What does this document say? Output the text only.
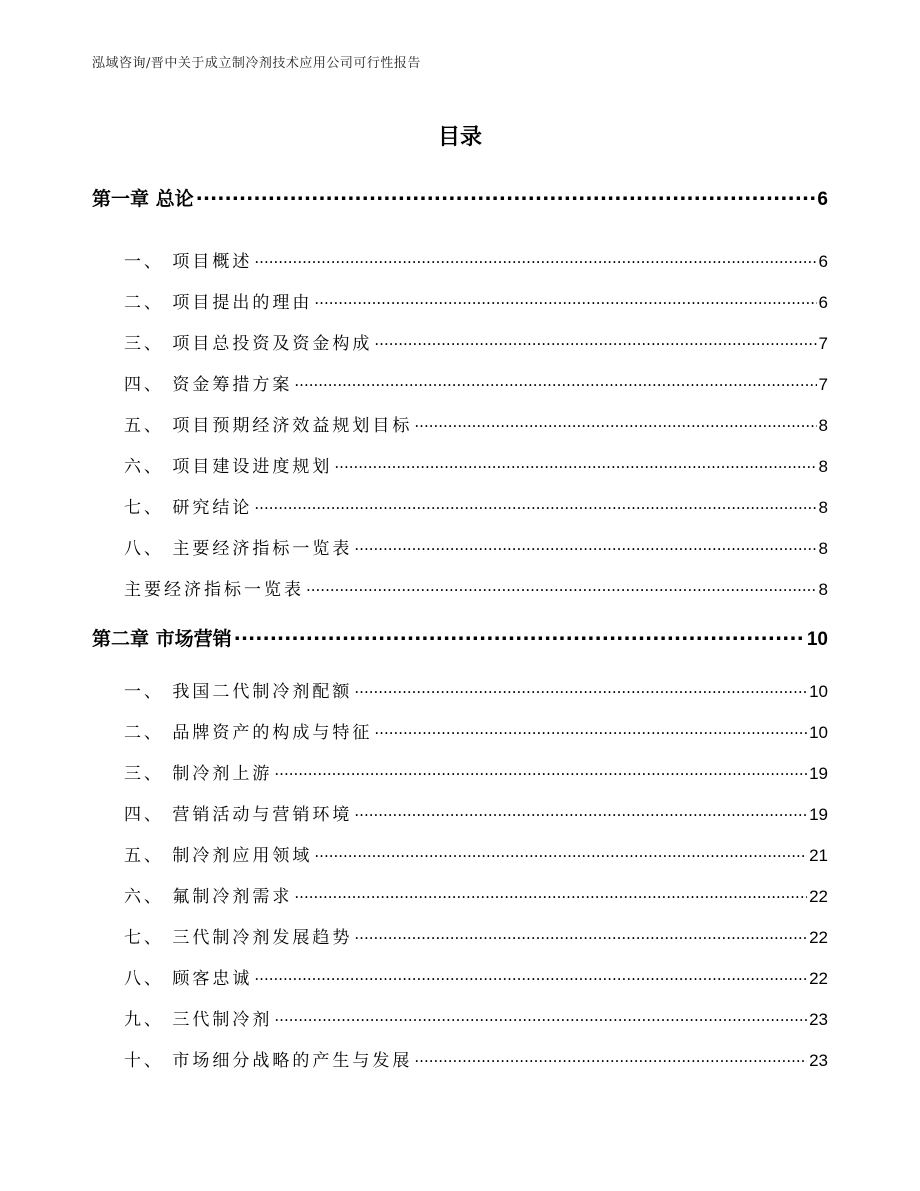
泓域咨询/晋中关于成立制冷剂技术应用公司可行性报告
目录
第一章 总论 .....	6
一、 项目概述 .....	6
二、 项目提出的理由 .....	6
三、 项目总投资及资金构成 .....	7
四、 资金筹措方案 .....	7
五、 项目预期经济效益规划目标 .....	8
六、 项目建设进度规划 .....	8
七、 研究结论 .....	8
八、 主要经济指标一览表 .....	8
主要经济指标一览表 .....	8
第二章 市场营销 .....	10
一、 我国二代制冷剂配额 .....	10
二、 品牌资产的构成与特征 .....	10
三、 制冷剂上游 .....	19
四、 营销活动与营销环境 .....	19
五、 制冷剂应用领域 .....	21
六、 氟制冷剂需求 .....	22
七、 三代制冷剂发展趋势 .....	22
八、 顾客忠诚 .....	22
九、 三代制冷剂 .....	23
十、 市场细分战略的产生与发展 .....	23
